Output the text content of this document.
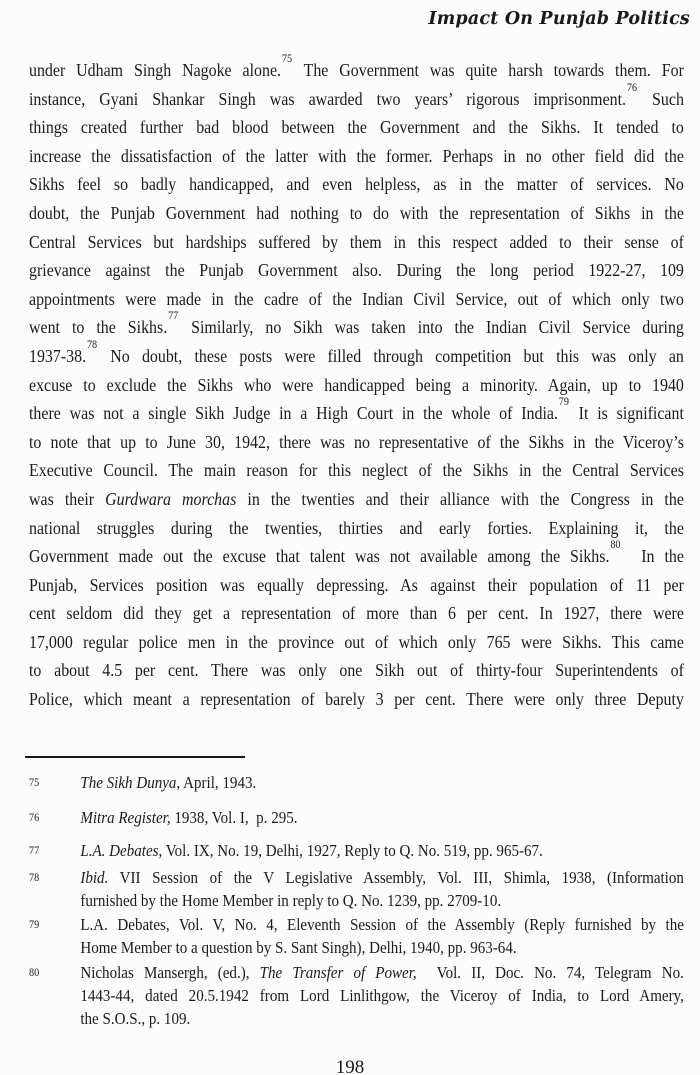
Impact On Punjab Politics
under Udham Singh Nagoke alone.$^{75}$ The Government was quite harsh towards them. For
instance, Gyani Shankar Singh was awarded two years’ rigorous imprisonment.$^{76}$ Such
things created further bad blood between the Government and the Sikhs. It tended to
increase the dissatisfaction of the latter with the former. Perhaps in no other field did the
Sikhs feel so badly handicapped, and even helpless, as in the matter of services. No
doubt, the Punjab Government had nothing to do with the representation of Sikhs in the
Central Services but hardships suffered by them in this respect added to their sense of
grievance against the Punjab Government also. During the long period 1922-27, 109
appointments were made in the cadre of the Indian Civil Service, out of which only two
went to the Sikhs.$^{77}$ Similarly, no Sikh was taken into the Indian Civil Service during
1937-38.78 No doubt, these posts were filled through competition but this was only an
excuse to exclude the Sikhs who were handicapped being a minority. Again, up to 1940
there was not a single Sikh Judge in a High Court in the whole of India.$^{79}$ It is significant
to note that up to June 30, 1942, there was no representative of the Sikhs in the Viceroy’s
Executive Council. The main reason for this neglect of the Sikhs in the Central Services
was their Gurdwara morchas in the twenties and their alliance with the Congress in the
national struggles during the twenties, thirties and early forties. Explaining it, the
Government made out the excuse that talent was not available among the Sikhs.$^{80}$  In the
Punjab, Services position was equally depressing. As against their population of 11 per
cent seldom did they get a representation of more than 6 per cent. In 1927, there were
17,000 regular police men in the province out of which only 765 were Sikhs. This came
to about 4.5 per cent. There was only one Sikh out of thirty-four Superintendents of
Police, which meant a representation of barely 3 per cent. There were only three Deputy
75	The Sikh Dunya, April, 1943.
76	Mitra Register, 1938, Vol. I,  p. 295.
77	L.A. Debates, Vol. IX, No. 19, Delhi, 1927, Reply to Q. No. 519, pp. 965-67.
78	Ibid. VII Session of the V Legislative Assembly, Vol. III, Shimla, 1938, (Information
furnished by the Home Member in reply to Q. No. 1239, pp. 2709-10.
79	L.A. Debates, Vol. V, No. 4, Eleventh Session of the Assembly (Reply furnished by the
Home Member to a question by S. Sant Singh), Delhi, 1940, pp. 963-64.
80	Nicholas Mansergh, (ed.), The Transfer of Power,  Vol. II, Doc. No. 74, Telegram No.
1443-44, dated 20.5.1942 from Lord Linlithgow, the Viceroy of India, to Lord Amery,
the S.O.S., p. 109.
198
